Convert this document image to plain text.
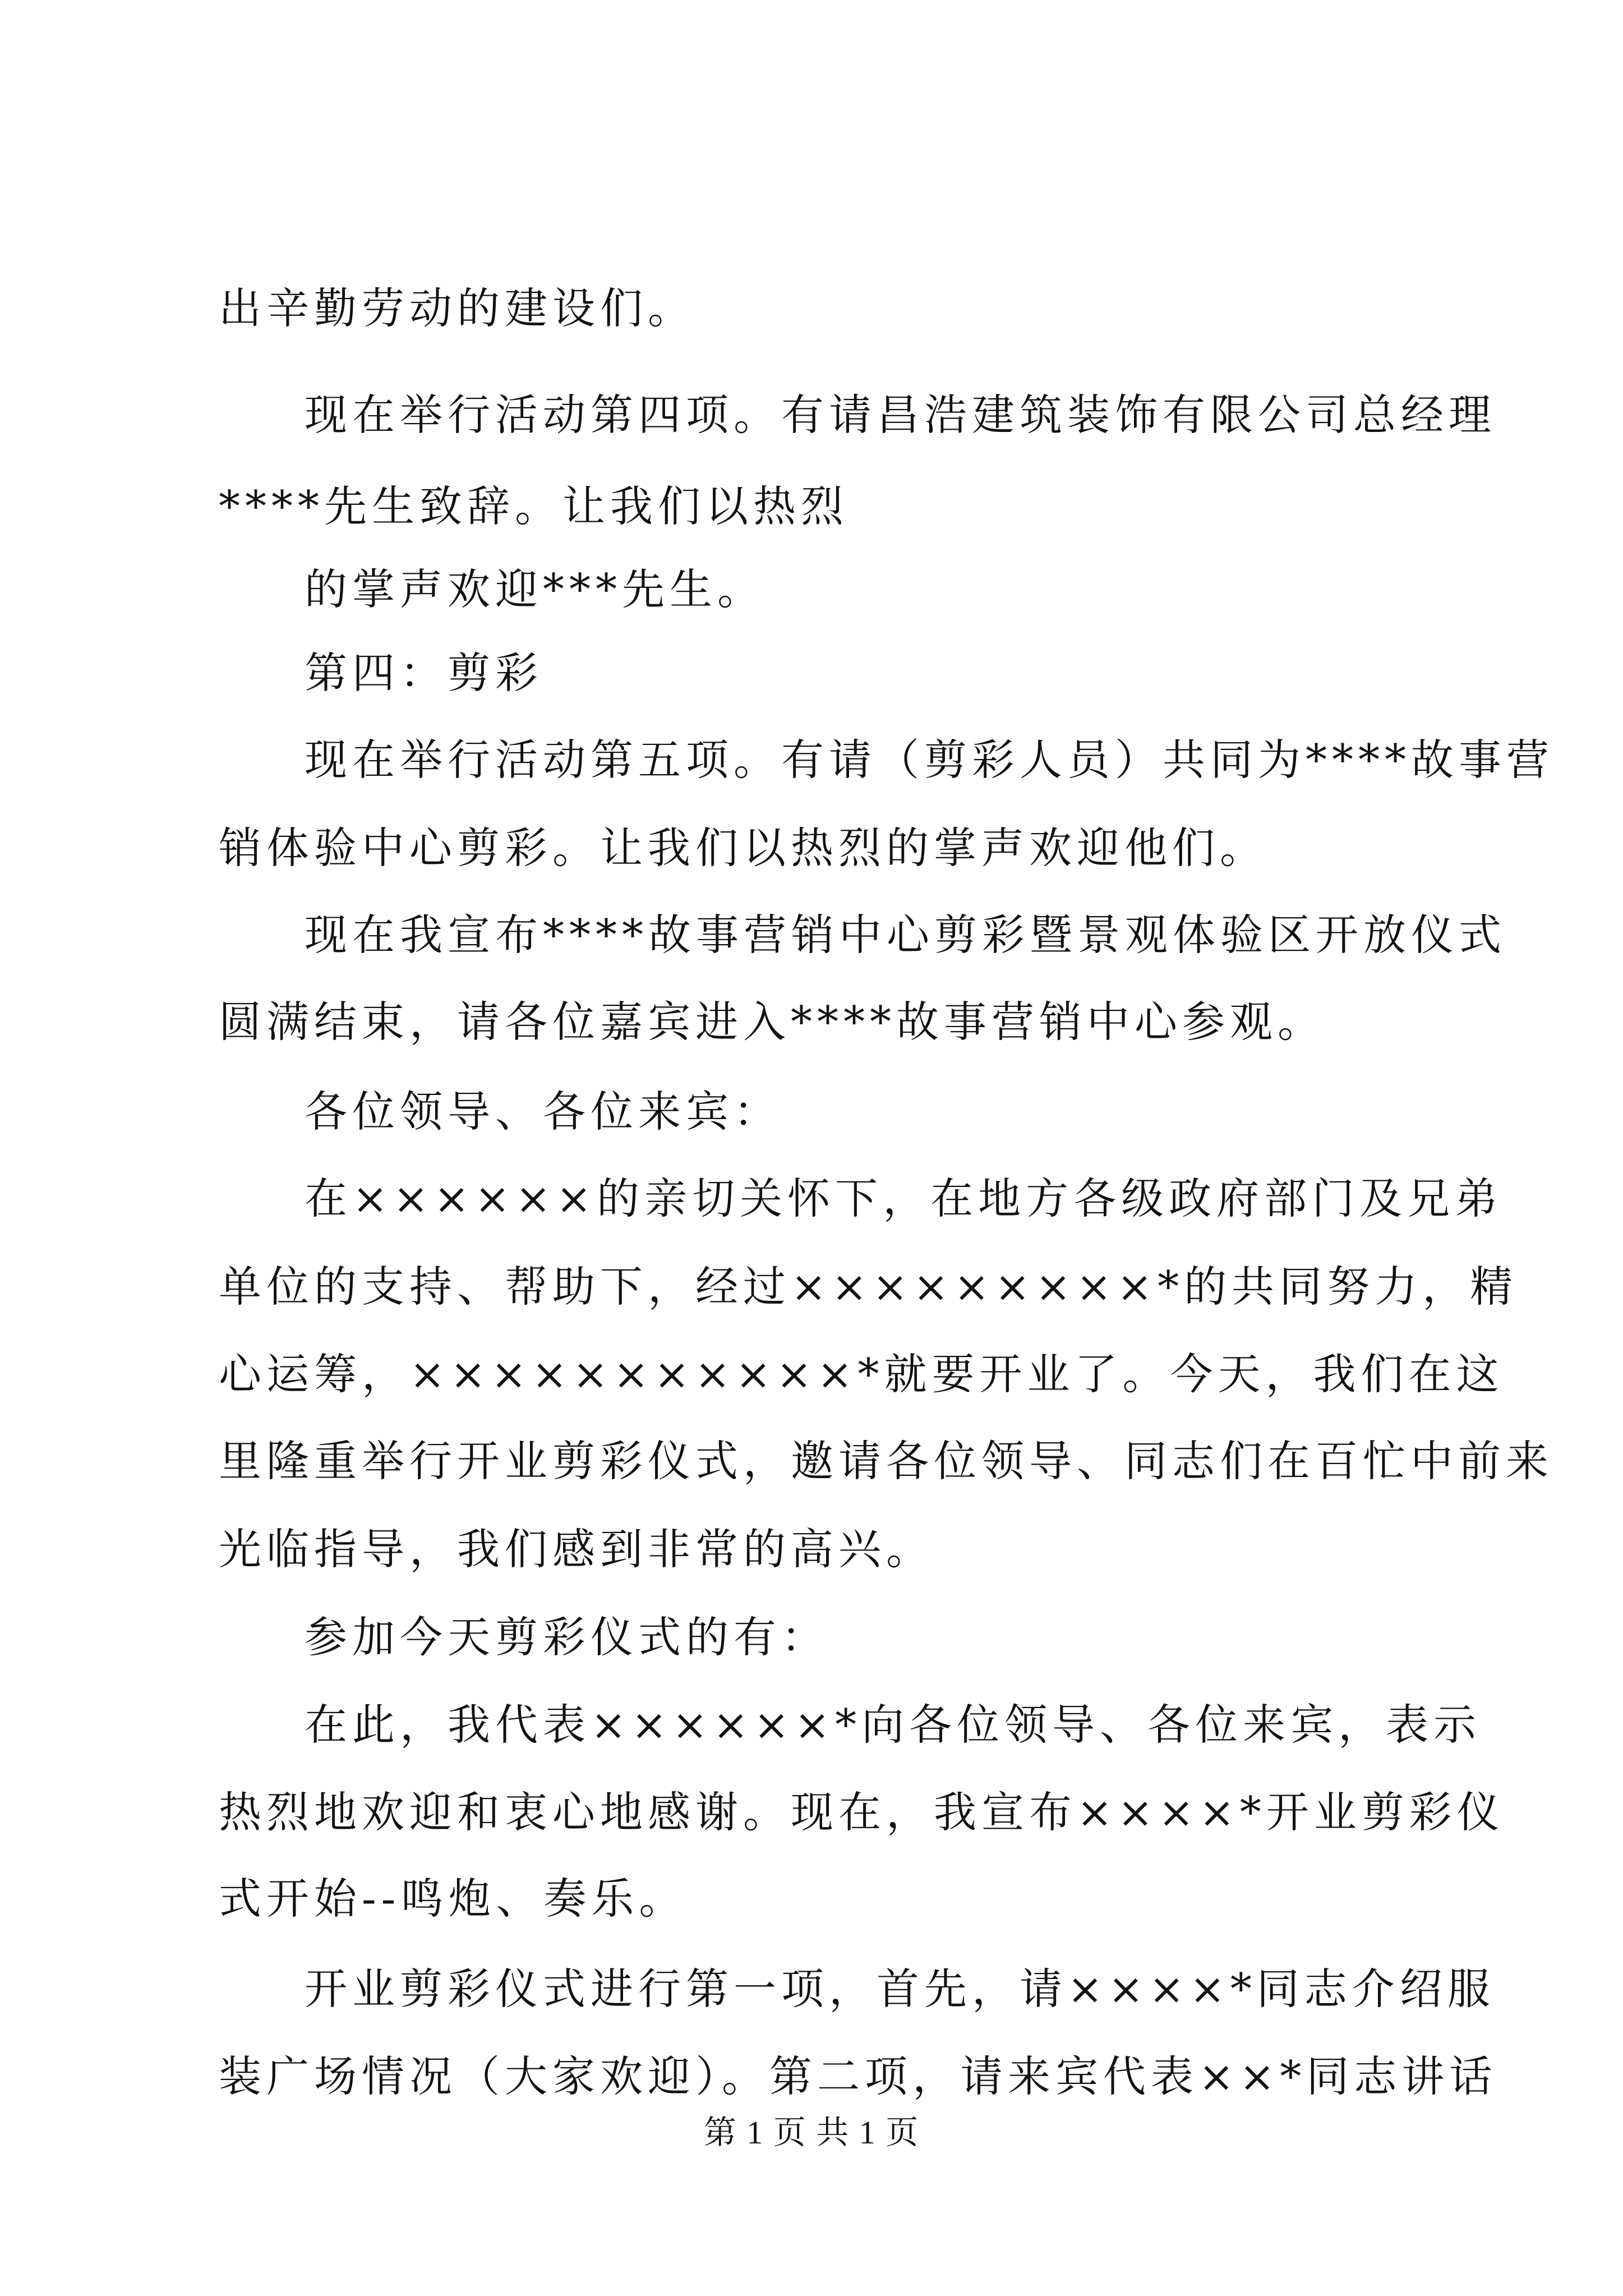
出辛勤劳动的建设们。
现在举行活动第四项。有请昌浩建筑装饰有限公司总经理
****先生致辞。让我们以热烈
的掌声欢迎***先生。
第四：剪彩
现在举行活动第五项。有请（剪彩人员）共同为****故事营
销体验中心剪彩。让我们以热烈的掌声欢迎他们。
现在我宣布****故事营销中心剪彩暨景观体验区开放仪式
圆满结束，请各位嘉宾进入****故事营销中心参观。
各位领导、各位来宾：
在××××××的亲切关怀下，在地方各级政府部门及兄弟
单位的支持、帮助下，经过×××××××××*的共同努力，精
心运筹，×××××××××××*就要开业了。今天，我们在这
里隆重举行开业剪彩仪式，邀请各位领导、同志们在百忙中前来
光临指导，我们感到非常的高兴。
参加今天剪彩仪式的有：
在此，我代表××××××*向各位领导、各位来宾，表示
热烈地欢迎和衷心地感谢。现在，我宣布××××*开业剪彩仪
式开始--鸣炮、奏乐。
开业剪彩仪式进行第一项，首先，请××××*同志介绍服
装广场情况（大家欢迎）。第二项，请来宾代表××*同志讲话
第 1 页 共 1 页
